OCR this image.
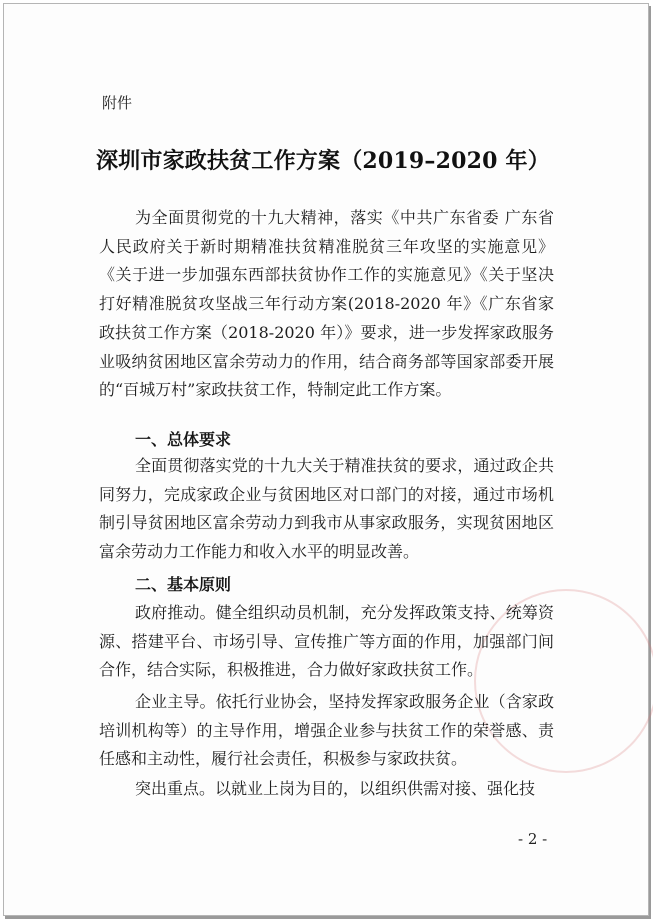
附件
深圳市家政扶贫工作方案（2019–2020 年）
为全面贯彻党的十九大精神，落实《中共广东省委 广东省人民政府关于新时期精准扶贫精准脱贫三年攻坚的实施意见》《关于进一步加强东西部扶贫协作工作的实施意见》《关于坚决打好精准脱贫攻坚战三年行动方案(2018-2020 年》《广东省家政扶贫工作方案（2018-2020 年）》要求，进一步发挥家政服务业吸纳贫困地区富余劳动力的作用，结合商务部等国家部委开展的“百城万村”家政扶贫工作，特制定此工作方案。
一、总体要求
全面贯彻落实党的十九大关于精准扶贫的要求，通过政企共同努力，完成家政企业与贫困地区对口部门的对接，通过市场机制引导贫困地区富余劳动力到我市从事家政服务，实现贫困地区富余劳动力工作能力和收入水平的明显改善。
二、基本原则
政府推动。健全组织动员机制，充分发挥政策支持、统筹资源、搭建平台、市场引导、宣传推广等方面的作用，加强部门间合作，结合实际，积极推进，合力做好家政扶贫工作。
企业主导。依托行业协会，坚持发挥家政服务企业（含家政培训机构等）的主导作用，增强企业参与扶贫工作的荣誉感、责任感和主动性，履行社会责任，积极参与家政扶贫。
突出重点。以就业上岗为目的，以组织供需对接、强化技
- 2 -
